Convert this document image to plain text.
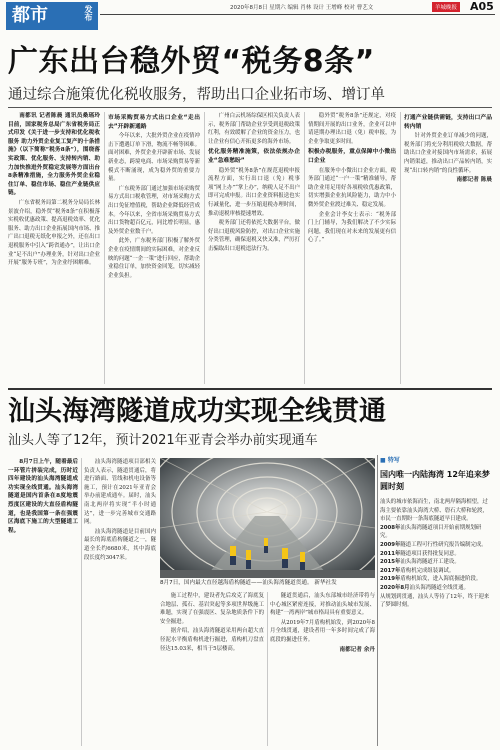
都市	发布	2020年8月8日 星期六 编辑 肖林 设计 王增峰 校对 曹艺文	羊城晚报 A05
广东出台稳外贸“税务8条”
通过综合施策优化税收服务，帮助出口企业拓市场、增订单

南都讯 记者陈晨 通讯员桑瑶玲 目前，国家税务总局广东省税务局正式印发《关于进一步支持和优化税收服务 助力外贸企业复工复产的十条措施》（以下简称“税务8条”），围绕落实政策、优化服务、支持转内销、助力加快推进外贸稳定发展等方面出台8条精准措施，全力服务外贸企业稳住订单、稳住市场、稳住产业链供应链。

广东省税务局第二税务分局局长林景波介绍，稳外贸“税务8条”在积极落实税收优惠政策、提高退税效率、优化服务、助力出口企业拓展国内市场、推广出口退税无纸化申报之外，还在出口退税服务中引入“跨省通办”，让出口企业“足不出户”办理业务，针对出口企业开展“服务专班”，为企业纾困解难。

市场采购贸易方式出口企业“走出去”开辟新通路

今年以来，大批外贸企业在疫情冲击下遭遇订单下滑，物流不畅等困难。面对困难，外贸企业开辟新市场、发展新业态，跨境电商、市场采购贸易等新模式不断涌现，成为稳外贸的重要力量。

广东税务部门通过加强市场采购贸易方式出口税收管理，对市场采购方式出口免征增值税，帮助企业降低经营成本。今年以来，全省市场采购贸易方式出口货物超百亿元，同比增长明显，惠及外贸企业数千户。

此外，广东税务部门积极了解外贸企业在疫情期间的实际困难，对企业反映的问题“一企一策”进行回应，帮助企业稳住订单，加快资金回笼，切实减轻企业负担。

广州白云机场综保区相关负责人表示，税务部门帮助企业享受到退税政策红利，有效缓解了企业的资金压力，也让企业有信心开拓更多的海外市场。

优化服务精准施策，依法依规办企业“急难愁盼”

稳外贸“税务8条”在规范退税申报流程方面，实行出口退（免）税事项“网上办”“掌上办”，纳税人足不出户即可完成申报。出口企业资料报送也实行减量化，进一步压缩退税办理时间，推动退税审核提速增效。

税务部门还将依托大数据平台，做好出口退税风险防控，对出口企业实施分类管理，确保退税又快又准，严厉打击骗取出口退税违法行为。

稳外贸“税务8条”还规定，对疫情期间开展的出口业务，企业可以申请延期办理出口退（免）税申报，为企业争取更多时间。

积极办税服务，重点保障中小微出口企业

在服务中小微出口企业方面，税务部门通过“一户一策”精准辅导，帮助企业用足用好各项税收优惠政策，切实增强企业抗风险能力，助力中小微外贸企业渡过难关、稳定发展。

企业会计李女士表示：“税务部门上门辅导，为我们解决了不少实际问题，我们现在对未来的发展更有信心了。”

打通产业链供需链，支持出口产品转内销

针对外贸企业订单减少的问题，税务部门将充分利用税收大数据，帮助出口企业对接国内市场需求，拓展内销渠道，推动出口产品转内销，实现“出口转内销”的良性循环。

南都记者 陈晨
汕头海湾隧道成功实现全线贯通
汕头人等了12年，预计2021年亚青会举办前实现通车

8月7日上午，随着最后一环管片拼装完成，历时近四年建设的汕头海湾隧道成功实现全线贯通。汕头海湾隧道是国内首条在8度地震烈度区建设的大直径盾构隧道，也是我国第一条在强震区海底下施工的大型隧道工程。

汕头海湾隧道项目部相关负责人表示，隧道贯通后，将进行路面、管线和机电设备等施工，预计在2021年亚青会举办前建成通车。届时，汕头南北两岸将实现“半小时通达”，进一步完善城市交通路网。

汕头海湾隧道是目前国内最长的海底盾构隧道之一，隧道全长约6680米，其中海底段长度约3047米。

8月7日，国内最大直径越海盾构隧道——汕头海湾隧道贯通。 新华社发

施工过程中，建设者先后攻克了海底复合地层、孤石、基岩突起等多项世界级施工难题，实现了在强震区、复杂地质条件下的安全掘进。

据介绍，汕头海湾隧道采用两台超大直径泥水平衡盾构机进行掘进，盾构机刀盘直径达15.03米，相当于5层楼高。

隧道贯通后，汕头东部城市经济带将与中心城区紧密连接，对推动汕头城市发展、构建“一湾两岸”城市格局具有重要意义。

从2019年7月盾构机始发，到2020年8月全线贯通，建设者用一年多时间完成了海底段的掘进任务。

南都记者 余丹
■ 特写
国内唯一内陆海湾 12年追来梦圆时刻

汕头的城市依海而生，南北两岸隔海相望，过海主要依靠汕头海湾大桥、礐石大桥和轮渡，市民一直期盼一条海底隧道早日建成。

2008年汕头海湾隧道项目开始前期规划研究。

2009年隧道工程可行性研究报告编制完成。

2011年隧道项目获得批复同意。

2015年汕头海湾隧道开工建设。

2017年盾构机完成组装调试。

2019年盾构机始发，进入海底掘进阶段。

2020年8月汕头海湾隧道全线贯通。

从规划到贯通，汕头人等待了12年，终于迎来了梦圆时刻。
